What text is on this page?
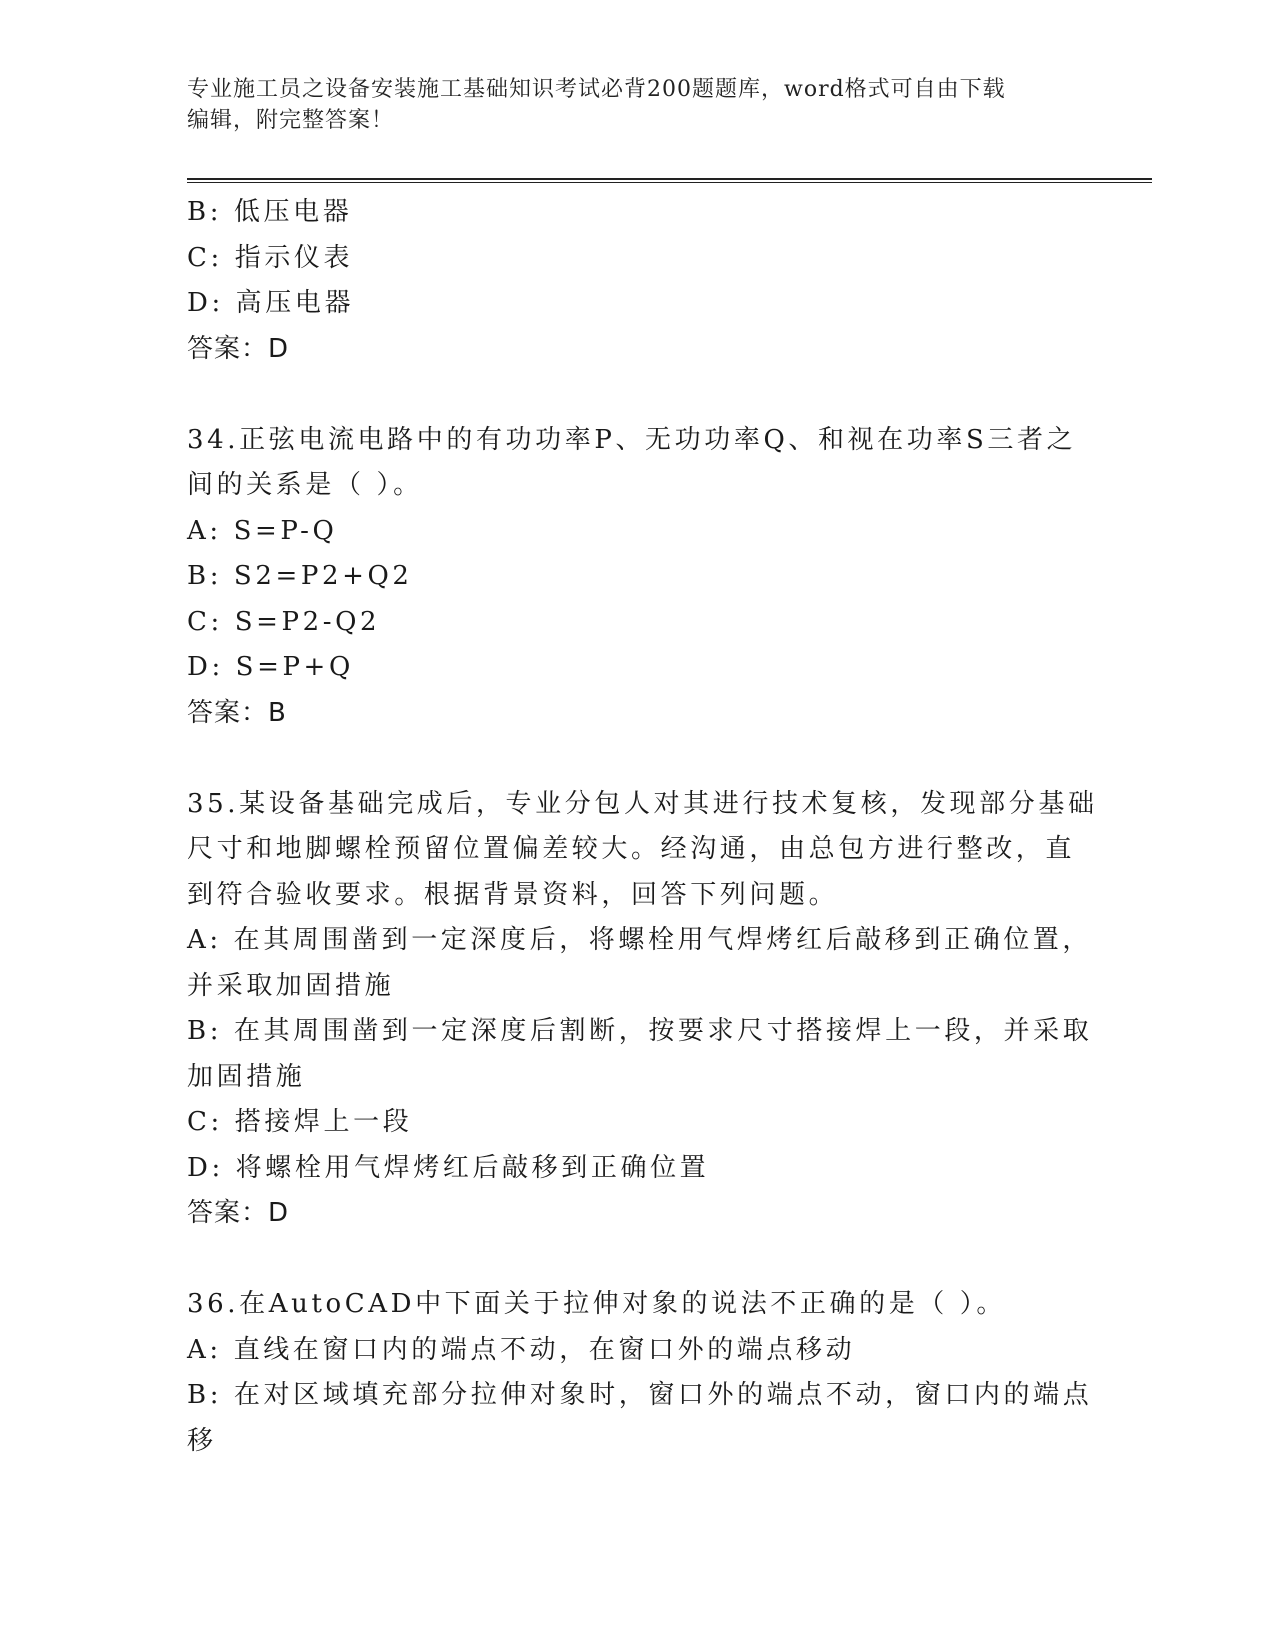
专业施工员之设备安装施工基础知识考试必背200题题库，word格式可自由下载
编辑，附完整答案！
B: 低压电器
C: 指示仪表
D: 高压电器
答案：D
34.正弦电流电路中的有功功率P、无功功率Q、和视在功率S三者之
间的关系是（ ）。
A: S=P-Q
B: S2=P2+Q2
C: S=P2-Q2
D: S=P+Q
答案：B
35.某设备基础完成后，专业分包人对其进行技术复核，发现部分基础
尺寸和地脚螺栓预留位置偏差较大。经沟通，由总包方进行整改，直
到符合验收要求。根据背景资料，回答下列问题。
A: 在其周围凿到一定深度后，将螺栓用气焊烤红后敲移到正确位置，
并采取加固措施
B: 在其周围凿到一定深度后割断，按要求尺寸搭接焊上一段，并采取
加固措施
C: 搭接焊上一段
D: 将螺栓用气焊烤红后敲移到正确位置
答案：D
36.在AutoCAD中下面关于拉伸对象的说法不正确的是（ ）。
A: 直线在窗口内的端点不动，在窗口外的端点移动
B: 在对区域填充部分拉伸对象时，窗口外的端点不动，窗口内的端点
移
